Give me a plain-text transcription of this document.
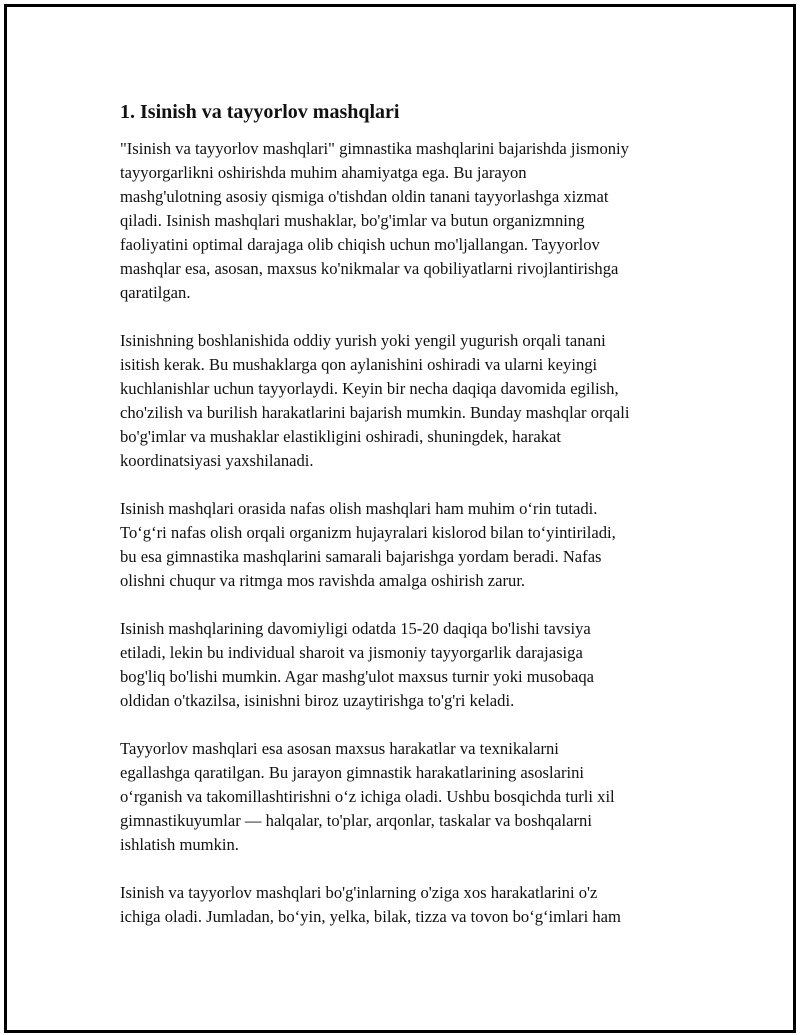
1. Isinish va tayyorlov mashqlari

"Isinish va tayyorlov mashqlari" gimnastika mashqlarini bajarishda jismoniy
tayyorgarlikni oshirishda muhim ahamiyatga ega. Bu jarayon
mashg'ulotning asosiy qismiga o'tishdan oldin tanani tayyorlashga xizmat
qiladi. Isinish mashqlari mushaklar, bo'g'imlar va butun organizmning
faoliyatini optimal darajaga olib chiqish uchun mo'ljallangan. Tayyorlov
mashqlar esa, asosan, maxsus ko'nikmalar va qobiliyatlarni rivojlantirishga
qaratilgan.

Isinishning boshlanishida oddiy yurish yoki yengil yugurish orqali tanani
isitish kerak. Bu mushaklarga qon aylanishini oshiradi va ularni keyingi
kuchlanishlar uchun tayyorlaydi. Keyin bir necha daqiqa davomida egilish,
cho'zilish va burilish harakatlarini bajarish mumkin. Bunday mashqlar orqali
bo'g'imlar va mushaklar elastikligini oshiradi, shuningdek, harakat
koordinatsiyasi yaxshilanadi.

Isinish mashqlari orasida nafas olish mashqlari ham muhim o‘rin tutadi.
To‘g‘ri nafas olish orqali organizm hujayralari kislorod bilan to‘yintiriladi,
bu esa gimnastika mashqlarini samarali bajarishga yordam beradi. Nafas
olishni chuqur va ritmga mos ravishda amalga oshirish zarur.

Isinish mashqlarining davomiyligi odatda 15-20 daqiqa bo'lishi tavsiya
etiladi, lekin bu individual sharoit va jismoniy tayyorgarlik darajasiga
bog'liq bo'lishi mumkin. Agar mashg'ulot maxsus turnir yoki musobaqa
oldidan o'tkazilsa, isinishni biroz uzaytirishga to'g'ri keladi.

Tayyorlov mashqlari esa asosan maxsus harakatlar va texnikalarni
egallashga qaratilgan. Bu jarayon gimnastik harakatlarining asoslarini
o‘rganish va takomillashtirishni o‘z ichiga oladi. Ushbu bosqichda turli xil
gimnastikuyumlar — halqalar, to'plar, arqonlar, taskalar va boshqalarni
ishlatish mumkin.

Isinish va tayyorlov mashqlari bo'g'inlarning o'ziga xos harakatlarini o'z
ichiga oladi. Jumladan, bo‘yin, yelka, bilak, tizza va tovon bo‘g‘imlari ham
